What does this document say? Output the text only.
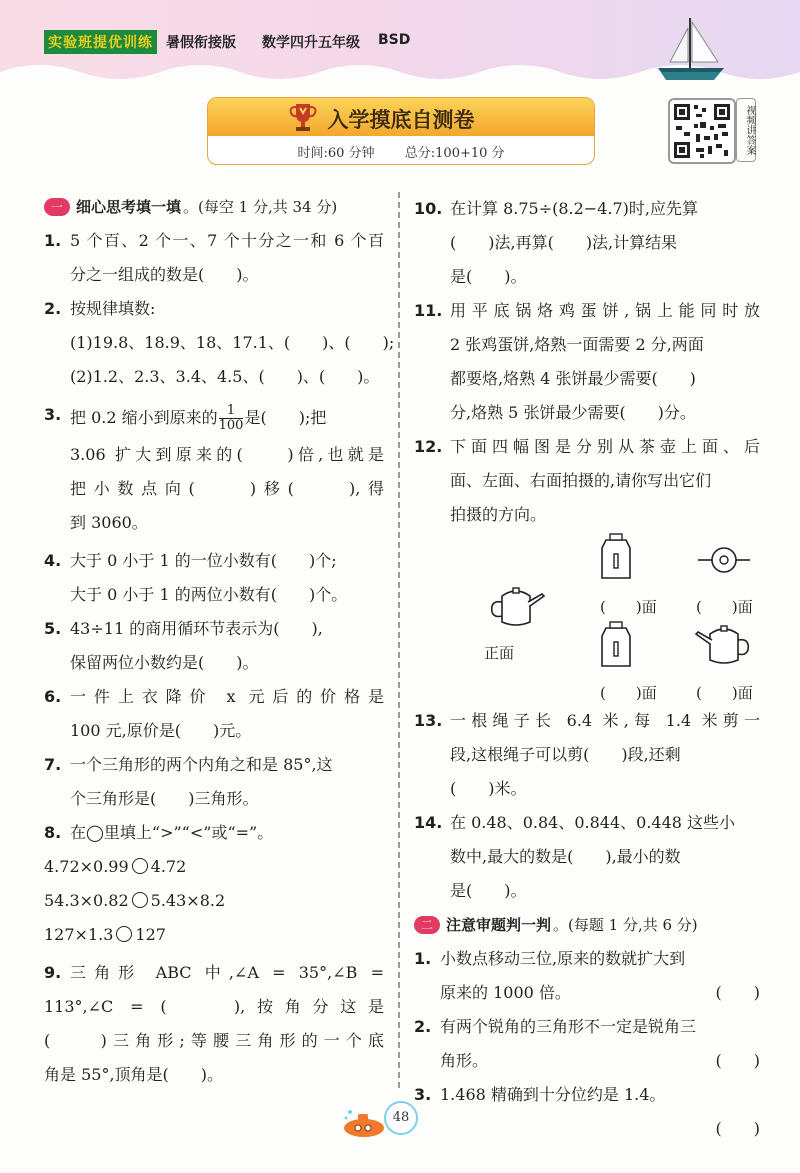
实验班提优训练 暑假衔接版 数学四升五年级 BSD
入学摸底自测卷
时间:60 分钟 总分:100+10 分	视频讲答案
一 细心思考填一填 。(每空 1 分,共 34 分)
1. 5 个百、2 个一、7 个十分之一和 6 个百
分之一组成的数是(　　)。
2. 按规律填数:
(1)19.8、18.9、18、17.1、(　　)、(　　);
(2)1.2、2.3、3.4、4.5、(　　)、(　　)。
3. 把 0.2 缩小到原来的 $\frac{1}{100}$ 是(　　);把
3.06 扩大到原来的(　　)倍,也就是
把小数点向(　　)移(　　),得
到 3060。
4. 大于 0 小于 1 的一位小数有(　　)个;
大于 0 小于 1 的两位小数有(　　)个。
5. 43÷11 的商用循环节表示为(　　),
保留两位小数约是(　　)。
6. 一件上衣降价 x 元后的价格是
100 元,原价是(　　)元。
7. 一个三角形的两个内角之和是 85°,这
个三角形是(　　)三角形。
8. 在◯里填上“>”“<”或“=”。
4.72×0.99 4.72
54.3×0.82 5.43×8.2
127×1.3 127
9. 三角形 ABC 中,∠A = 35°,∠B =
113°,∠C = (　　),按角分这是
(　　)三角形;等腰三角形的一个底
角是 55°,顶角是(　　)。
10. 在计算 8.75÷(8.2−4.7)时,应先算
(　　)法,再算(　　)法,计算结果
是(　　)。
11. 用平底锅烙鸡蛋饼,锅上能同时放
2 张鸡蛋饼,烙熟一面需要 2 分,两面
都要烙,烙熟 4 张饼最少需要(　　)
分,烙熟 5 张饼最少需要(　　)分。
12. 下面四幅图是分别从茶壶上面、后
面、左面、右面拍摄的,请你写出它们
拍摄的方向。
正面
(　　)面	(　　)面
(　　)面	(　　)面
13. 一根绳子长 6.4 米,每 1.4 米剪一
段,这根绳子可以剪(　　)段,还剩
(　　)米。
14. 在 0.48、0.84、0.844、0.448 这些小
数中,最大的数是(　　),最小的数
是(　　)。
二 注意审题判一判 。(每题 1 分,共 6 分)
1. 小数点移动三位,原来的数就扩大到
原来的 1000 倍。	(　　)
2. 有两个锐角的三角形不一定是锐角三
角形。	(　　)
3. 1.468 精确到十分位约是 1.4。
(　　)
48
